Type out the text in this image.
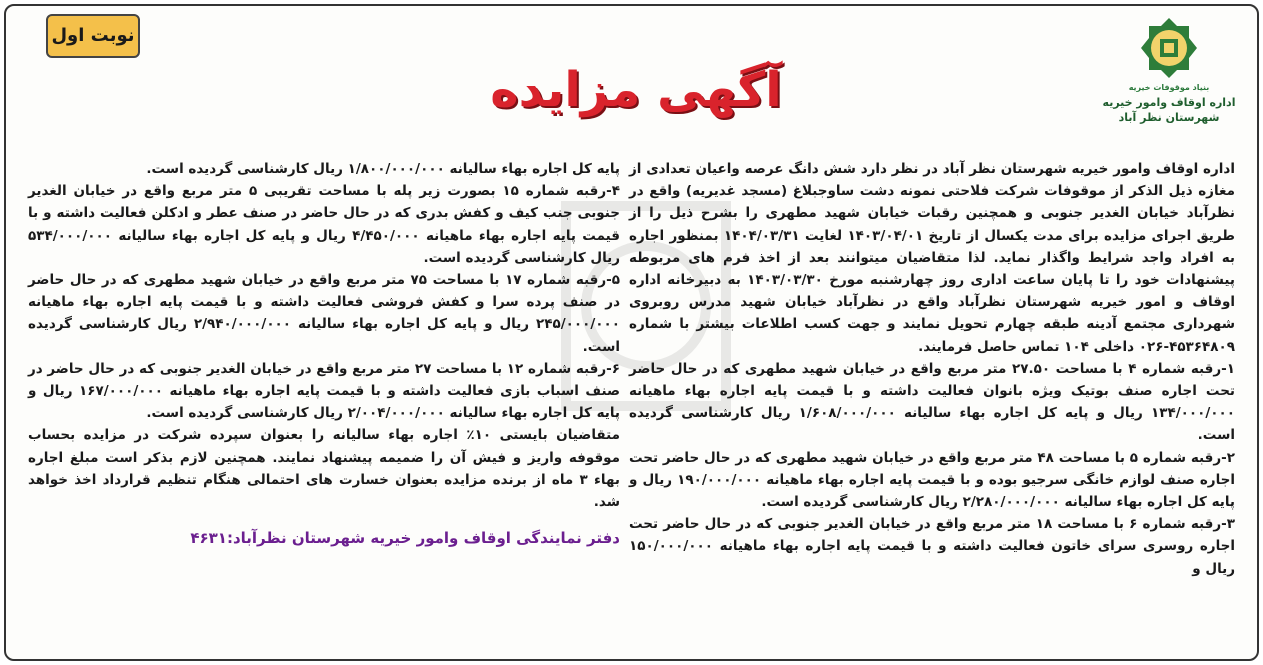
نوبت اول
آگهی مزایده	بنیاد موقوفات خیریه
اداره اوقاف وامور خیریه
شهرستان نظر آباد

اداره اوقاف وامور خیریه شهرستان نظر آباد در نظر دارد شش دانگ عرصه واعیان تعدادی از مغازه ذیل الذکر از موقوفات شرکت فلاحتی نمونه دشت ساوجبلاغ (مسجد غدیریه) واقع در نظرآباد خیابان الغدیر جنوبی و همچنین رقبات خیابان شهید مطهری را بشرح ذیل را از طریق اجرای مزایده برای مدت یکسال از تاریخ ۱۴۰۳/۰۴/۰۱ لغایت ۱۴۰۴/۰۳/۳۱ بمنظور اجاره به افراد واجد شرایط واگذار نماید. لذا متقاضیان میتوانند بعد از اخذ فرم های مربوطه پیشنهادات خود را تا پایان ساعت اداری روز چهارشنبه مورخ ۱۴۰۳/۰۳/۳۰ به دبیرخانه اداره اوقاف و امور خیریه شهرستان نظرآباد واقع در نظرآباد خیابان شهید مدرس روبروی شهرداری مجتمع آدینه طبقه چهارم تحویل نمایند و جهت کسب اطلاعات بیشتر با شماره ۴۵۳۶۴۸۰۹-۰۲۶ داخلی ۱۰۴ تماس حاصل فرمایند.

۱-رقبه شماره ۴ با مساحت ۲۷.۵۰ متر مربع واقع در خیابان شهید مطهری که در حال حاضر تحت اجاره صنف بوتیک ویژه بانوان فعالیت داشته و با قیمت پایه اجاره بهاء ماهیانه ۱۳۴/۰۰۰/۰۰۰ ریال و پایه کل اجاره بهاء سالیانه ۱/۶۰۸/۰۰۰/۰۰۰ ریال کارشناسی گردیده است.

۲-رقبه شماره ۵ با مساحت ۴۸ متر مربع واقع در خیابان شهید مطهری که در حال حاضر تحت اجاره صنف لوازم خانگی سرجیو بوده و با قیمت پایه اجاره بهاء ماهیانه ۱۹۰/۰۰۰/۰۰۰ ریال و پایه کل اجاره بهاء سالیانه ۲/۲۸۰/۰۰۰/۰۰۰ ریال کارشناسی گردیده است.

۳-رقبه شماره ۶ با مساحت ۱۸ متر مربع واقع در خیابان الغدیر جنوبی که در حال حاضر تحت اجاره روسری سرای خاتون فعالیت داشته و با قیمت پایه اجاره بهاء ماهیانه ۱۵۰/۰۰۰/۰۰۰ ریال و

پایه کل اجاره بهاء سالیانه ۱/۸۰۰/۰۰۰/۰۰۰ ریال کارشناسی گردیده است.

۴-رقبه شماره ۱۵ بصورت زیر پله با مساحت تقریبی ۵ متر مربع واقع در خیابان الغدیر جنوبی جنب کیف و کفش بدری که در حال حاضر در صنف عطر و ادکلن فعالیت داشته و با قیمت پایه اجاره بهاء ماهیانه ۴/۴۵۰/۰۰۰ ریال و پایه کل اجاره بهاء سالیانه ۵۳۴/۰۰۰/۰۰۰ ریال کارشناسی گردیده است.

۵-رقبه شماره ۱۷ با مساحت ۷۵ متر مربع واقع در خیابان شهید مطهری که در حال حاضر در صنف پرده سرا و کفش فروشی فعالیت داشته و با قیمت پایه اجاره بهاء ماهیانه ۲۴۵/۰۰۰/۰۰۰ ریال و پایه کل اجاره بهاء سالیانه ۲/۹۴۰/۰۰۰/۰۰۰ ریال کارشناسی گردیده است.

۶-رقبه شماره ۱۲ با مساحت ۲۷ متر مربع واقع در خیابان الغدیر جنوبی که در حال حاضر در صنف اسباب بازی فعالیت داشته و با قیمت پایه اجاره بهاء ماهیانه ۱۶۷/۰۰۰/۰۰۰ ریال و پایه کل اجاره بهاء سالیانه ۲/۰۰۴/۰۰۰/۰۰۰ ریال کارشناسی گردیده است.

متقاضیان بایستی ۱۰٪ اجاره بهاء سالیانه را بعنوان سپرده شرکت در مزایده بحساب موقوفه واریز و فیش آن را ضمیمه پیشنهاد نمایند. همچنین لازم بذکر است مبلغ اجاره بهاء ۳ ماه از برنده مزایده بعنوان خسارت های احتمالی هنگام تنظیم قرارداد اخذ خواهد شد.

دفتر نمایندگی اوقاف وامور خیریه شهرستان نظرآباد:۴۶۳۱
